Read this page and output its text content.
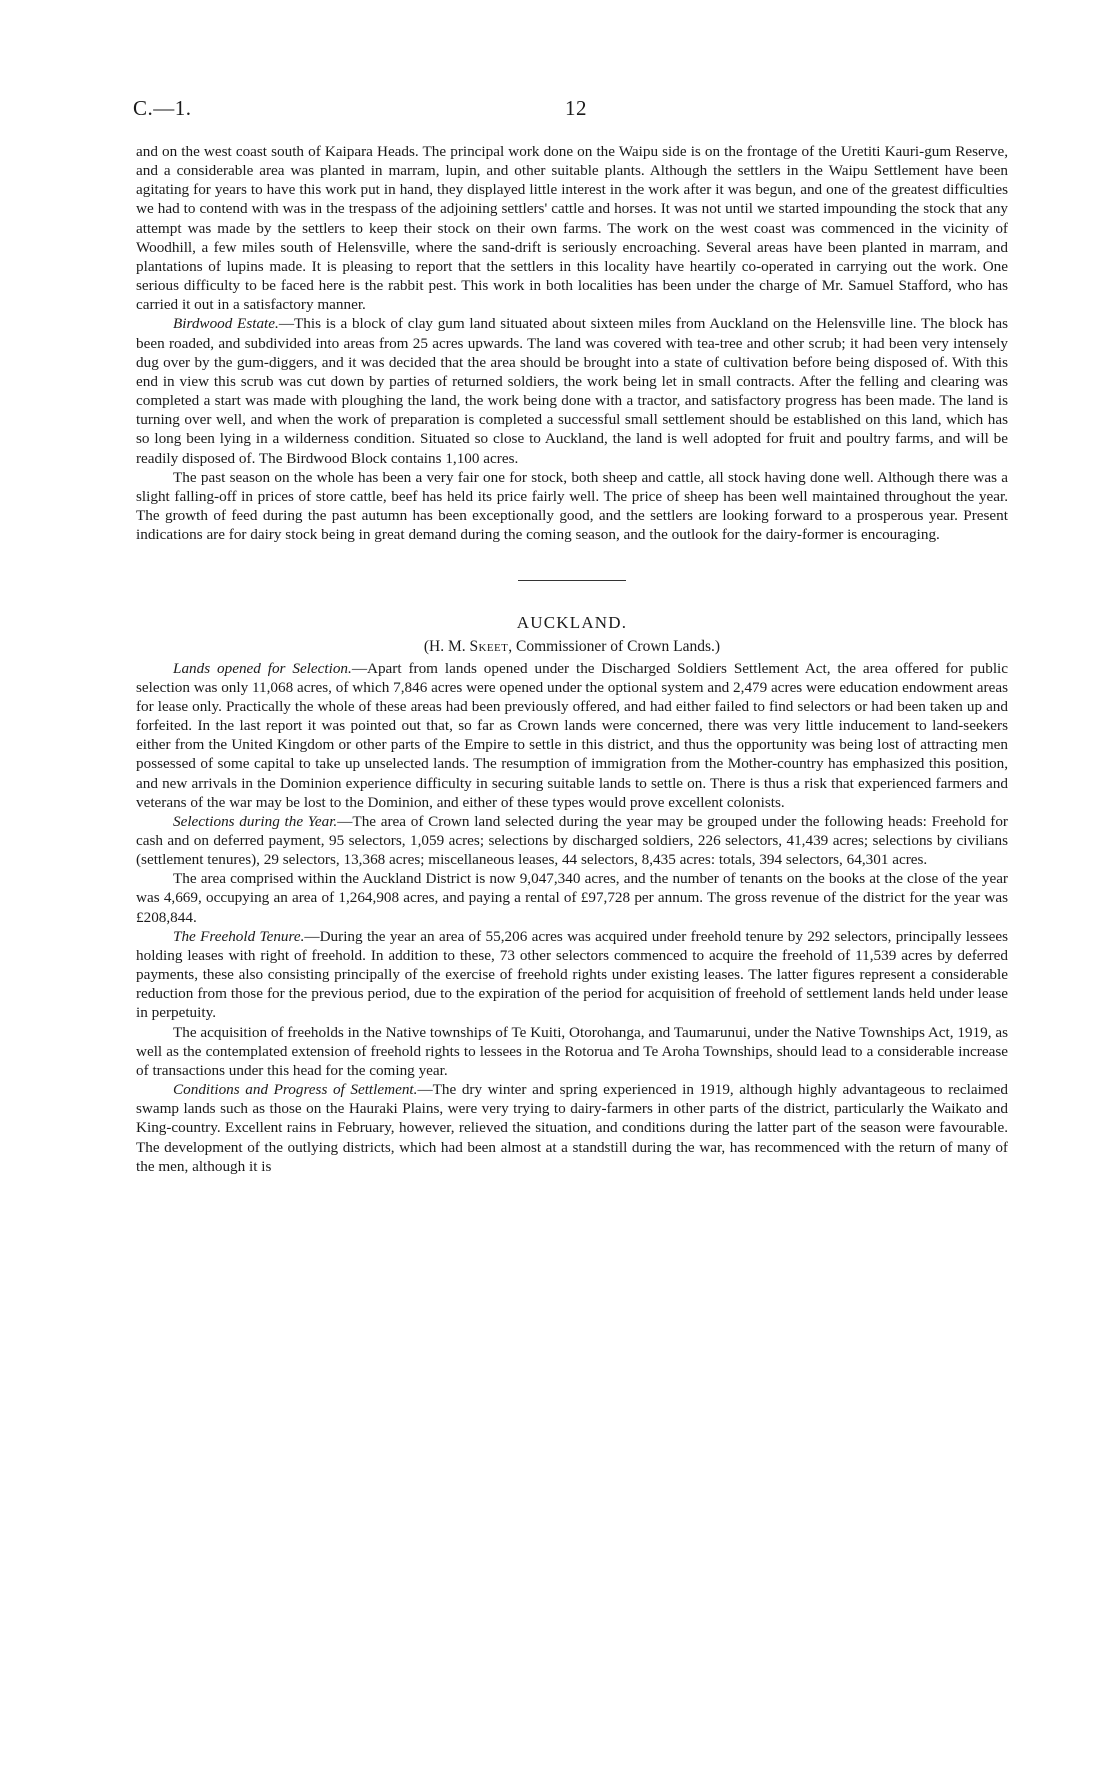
C.—1.	12

and on the west coast south of Kaipara Heads. The principal work done on the Waipu side is on the frontage of the Uretiti Kauri-gum Reserve, and a considerable area was planted in marram, lupin, and other suitable plants. Although the settlers in the Waipu Settlement have been agitating for years to have this work put in hand, they displayed little interest in the work after it was begun, and one of the greatest difficulties we had to contend with was in the trespass of the adjoining settlers' cattle and horses. It was not until we started impounding the stock that any attempt was made by the settlers to keep their stock on their own farms. The work on the west coast was commenced in the vicinity of Woodhill, a few miles south of Helensville, where the sand-drift is seriously encroaching. Several areas have been planted in marram, and plantations of lupins made. It is pleasing to report that the settlers in this locality have heartily co-operated in carrying out the work. One serious difficulty to be faced here is the rabbit pest. This work in both localities has been under the charge of Mr. Samuel Stafford, who has carried it out in a satisfactory manner.

Birdwood Estate.—This is a block of clay gum land situated about sixteen miles from Auckland on the Helensville line. The block has been roaded, and subdivided into areas from 25 acres upwards. The land was covered with tea-tree and other scrub; it had been very intensely dug over by the gum-diggers, and it was decided that the area should be brought into a state of cultivation before being disposed of. With this end in view this scrub was cut down by parties of returned soldiers, the work being let in small contracts. After the felling and clearing was completed a start was made with ploughing the land, the work being done with a tractor, and satisfactory progress has been made. The land is turning over well, and when the work of preparation is completed a successful small settlement should be established on this land, which has so long been lying in a wilderness condition. Situated so close to Auckland, the land is well adopted for fruit and poultry farms, and will be readily disposed of. The Birdwood Block contains 1,100 acres.

The past season on the whole has been a very fair one for stock, both sheep and cattle, all stock having done well. Although there was a slight falling-off in prices of store cattle, beef has held its price fairly well. The price of sheep has been well maintained throughout the year. The growth of feed during the past autumn has been exceptionally good, and the settlers are looking forward to a prosperous year. Present indications are for dairy stock being in great demand during the coming season, and the outlook for the dairy-former is encouraging.

AUCKLAND.
(H. M. Skeet, Commissioner of Crown Lands.)

Lands opened for Selection.—Apart from lands opened under the Discharged Soldiers Settlement Act, the area offered for public selection was only 11,068 acres, of which 7,846 acres were opened under the optional system and 2,479 acres were education endowment areas for lease only. Practically the whole of these areas had been previously offered, and had either failed to find selectors or had been taken up and forfeited. In the last report it was pointed out that, so far as Crown lands were concerned, there was very little inducement to land-seekers either from the United Kingdom or other parts of the Empire to settle in this district, and thus the opportunity was being lost of attracting men possessed of some capital to take up unselected lands. The resumption of immigration from the Mother-country has emphasized this position, and new arrivals in the Dominion experience difficulty in securing suitable lands to settle on. There is thus a risk that experienced farmers and veterans of the war may be lost to the Dominion, and either of these types would prove excellent colonists.

Selections during the Year.—The area of Crown land selected during the year may be grouped under the following heads: Freehold for cash and on deferred payment, 95 selectors, 1,059 acres; selections by discharged soldiers, 226 selectors, 41,439 acres; selections by civilians (settlement tenures), 29 selectors, 13,368 acres; miscellaneous leases, 44 selectors, 8,435 acres: totals, 394 selectors, 64,301 acres.

The area comprised within the Auckland District is now 9,047,340 acres, and the number of tenants on the books at the close of the year was 4,669, occupying an area of 1,264,908 acres, and paying a rental of £97,728 per annum. The gross revenue of the district for the year was £208,844.

The Freehold Tenure.—During the year an area of 55,206 acres was acquired under freehold tenure by 292 selectors, principally lessees holding leases with right of freehold. In addition to these, 73 other selectors commenced to acquire the freehold of 11,539 acres by deferred payments, these also consisting principally of the exercise of freehold rights under existing leases. The latter figures represent a considerable reduction from those for the previous period, due to the expiration of the period for acquisition of freehold of settlement lands held under lease in perpetuity.

The acquisition of freeholds in the Native townships of Te Kuiti, Otorohanga, and Taumarunui, under the Native Townships Act, 1919, as well as the contemplated extension of freehold rights to lessees in the Rotorua and Te Aroha Townships, should lead to a considerable increase of transactions under this head for the coming year.

Conditions and Progress of Settlement.—The dry winter and spring experienced in 1919, although highly advantageous to reclaimed swamp lands such as those on the Hauraki Plains, were very trying to dairy-farmers in other parts of the district, particularly the Waikato and King-country. Excellent rains in February, however, relieved the situation, and conditions during the latter part of the season were favourable. The development of the outlying districts, which had been almost at a standstill during the war, has recommenced with the return of many of the men, although it is
